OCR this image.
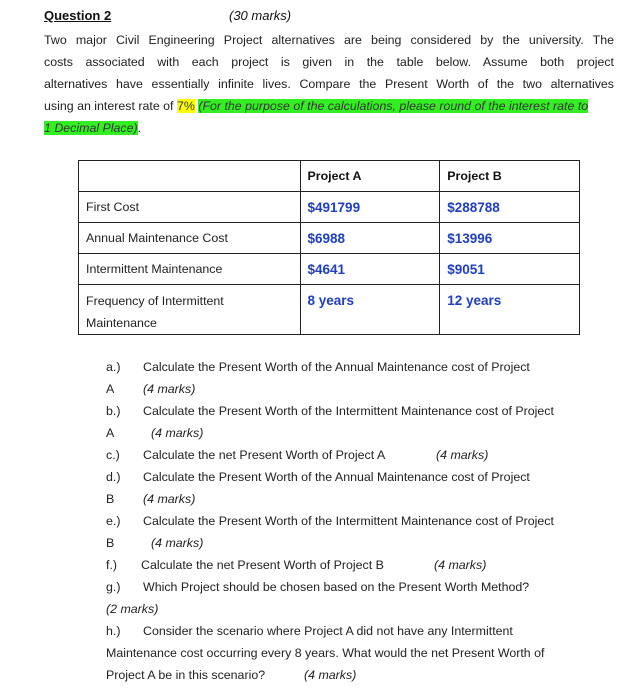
Question 2	(30 marks)
Two major Civil Engineering Project alternatives are being considered by the university. The
costs associated with each project is given in the table below. Assume both project
alternatives have essentially infinite lives. Compare the Present Worth of the two alternatives
using an interest rate of 7% (For the purpose of the calculations, please round of the interest rate to
1 Decimal Place).
	Project A	Project B
First Cost	$491799	$288788
Annual Maintenance Cost	$6988	$13996
Intermittent Maintenance	$4641	$9051
Frequency of Intermittent
Maintenance	8 years	12 years
a.) Calculate the Present Worth of the Annual Maintenance cost of Project
A (4 marks)
b.) Calculate the Present Worth of the Intermittent Maintenance cost of Project
A	(4 marks)
c.) Calculate the net Present Worth of Project A	(4 marks)
d.) Calculate the Present Worth of the Annual Maintenance cost of Project
B (4 marks)
e.) Calculate the Present Worth of the Intermittent Maintenance cost of Project
B	(4 marks)
f.) Calculate the net Present Worth of Project B	(4 marks)
g.) Which Project should be chosen based on the Present Worth Method?
(2 marks)
h.) Consider the scenario where Project A did not have any Intermittent
Maintenance cost occurring every 8 years. What would the net Present Worth of
Project A be in this scenario?	(4 marks)
